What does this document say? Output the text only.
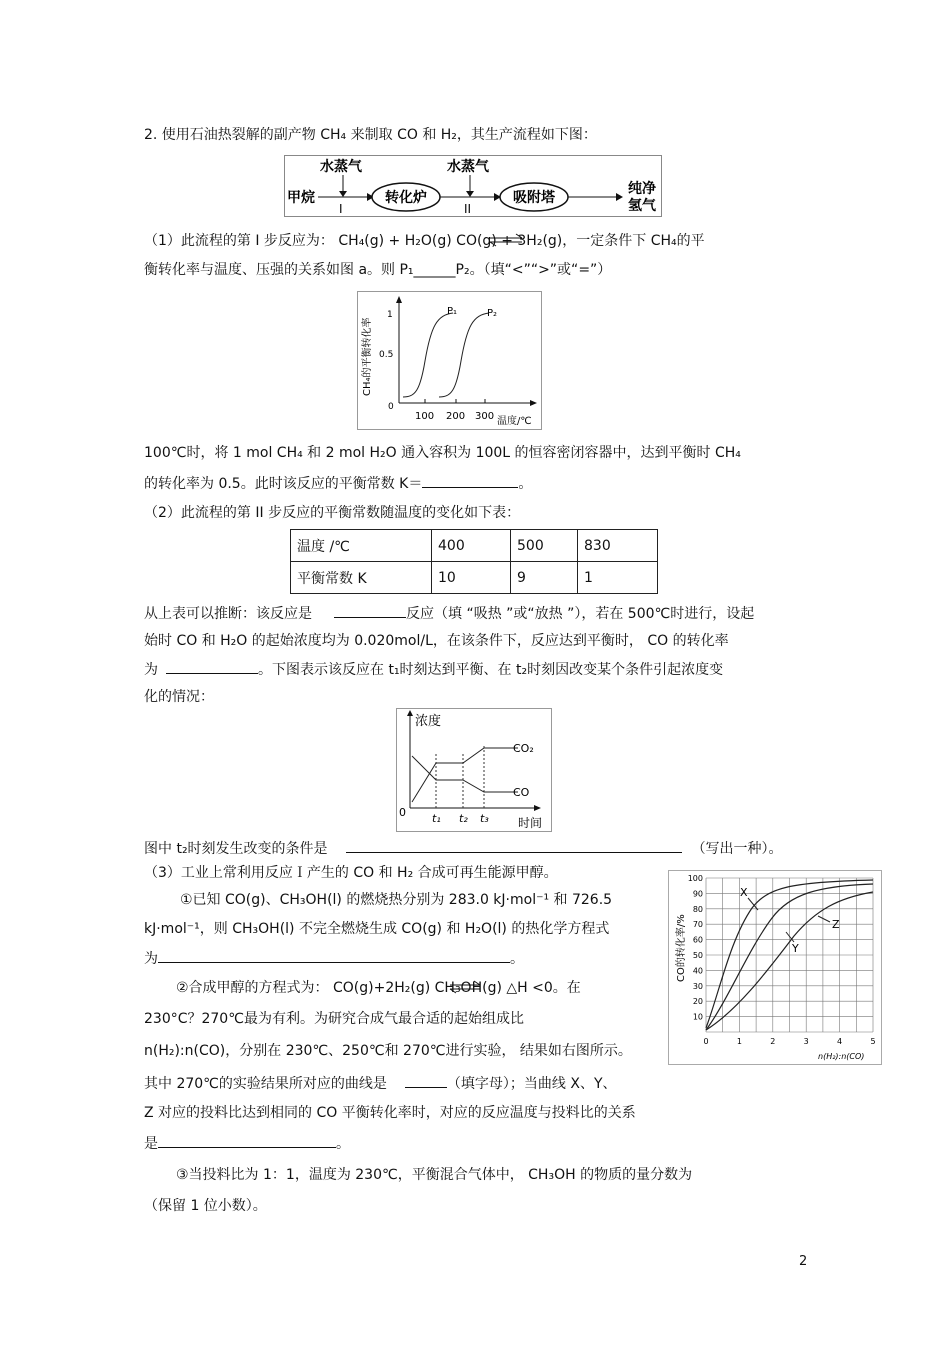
2. 使用石油热裂解的副产物 CH₄ 来制取 CO 和 H₂，其生产流程如下图：
水蒸气	水蒸气
甲烷
I
转化炉
II
吸附塔
纯净
氢气
（1）此流程的第 I 步反应为： CH₄(g) + H₂O(g) CO(g) + 3H₂(g)，一定条件下 CH₄的平
衡转化率与温度、压强的关系如图 a。则 P₁______P₂。（填“<”“>”或“=”）
CH₄的平衡转化率
1
0.5
0
100 200 300 温度/℃
P₁	P₂
100℃时，将 1 mol CH₄ 和 2 mol H₂O 通入容积为 100L 的恒容密闭容器中，达到平衡时 CH₄
的转化率为 0.5。此时该反应的平衡常数 K＝	。
（2）此流程的第 II 步反应的平衡常数随温度的变化如下表：
温度 /℃	400	500	830
平衡常数 K	10	9	1
从上表可以推断：该反应是	反应（填 “吸热 ”或“放热 ”），若在 500℃时进行，设起
始时 CO 和 H₂O 的起始浓度均为 0.020mol/L，在该条件下，反应达到平衡时， CO 的转化率
为	。下图表示该反应在 t₁时刻达到平衡、在 t₂时刻因改变某个条件引起浓度变
化的情况：
浓度
0
CO₂
CO
t₁ t₂ t₃ 时间
图中 t₂时刻发生改变的条件是	（写出一种）。
（3）工业上常利用反应Ｉ产生的 CO 和 H₂ 合成可再生能源甲醇。
①已知 CO(g)、CH₃OH(l) 的燃烧热分别为 283.0 kJ·mol⁻¹ 和 726.5
kJ·mol⁻¹，则 CH₃OH(l) 不完全燃烧生成 CO(g) 和 H₂O(l) 的热化学方程式
为	。
②合成甲醇的方程式为： CO(g)+2H₂(g) CH₃OH(g) △H <0。在
230°C？270℃最为有利。为研究合成气最合适的起始组成比
n(H₂):n(CO)，分别在 230℃、250℃和 270℃进行实验， 结果如右图所示。
其中 270℃的实验结果所对应的曲线是	（填字母）；当曲线 X、Y、
Z 对应的投料比达到相同的 CO 平衡转化率时，对应的反应温度与投料比的关系
是	。
③当投料比为 1：1，温度为 230℃，平衡混合气体中， CH₃OH 的物质的量分数为
（保留 1 位小数）。
CO的转化率/%
100
90
80
70
60
50
40
30
20
10
0	1	2	3	4	5
n(H₂):n(CO)
X
Y
Z
2
